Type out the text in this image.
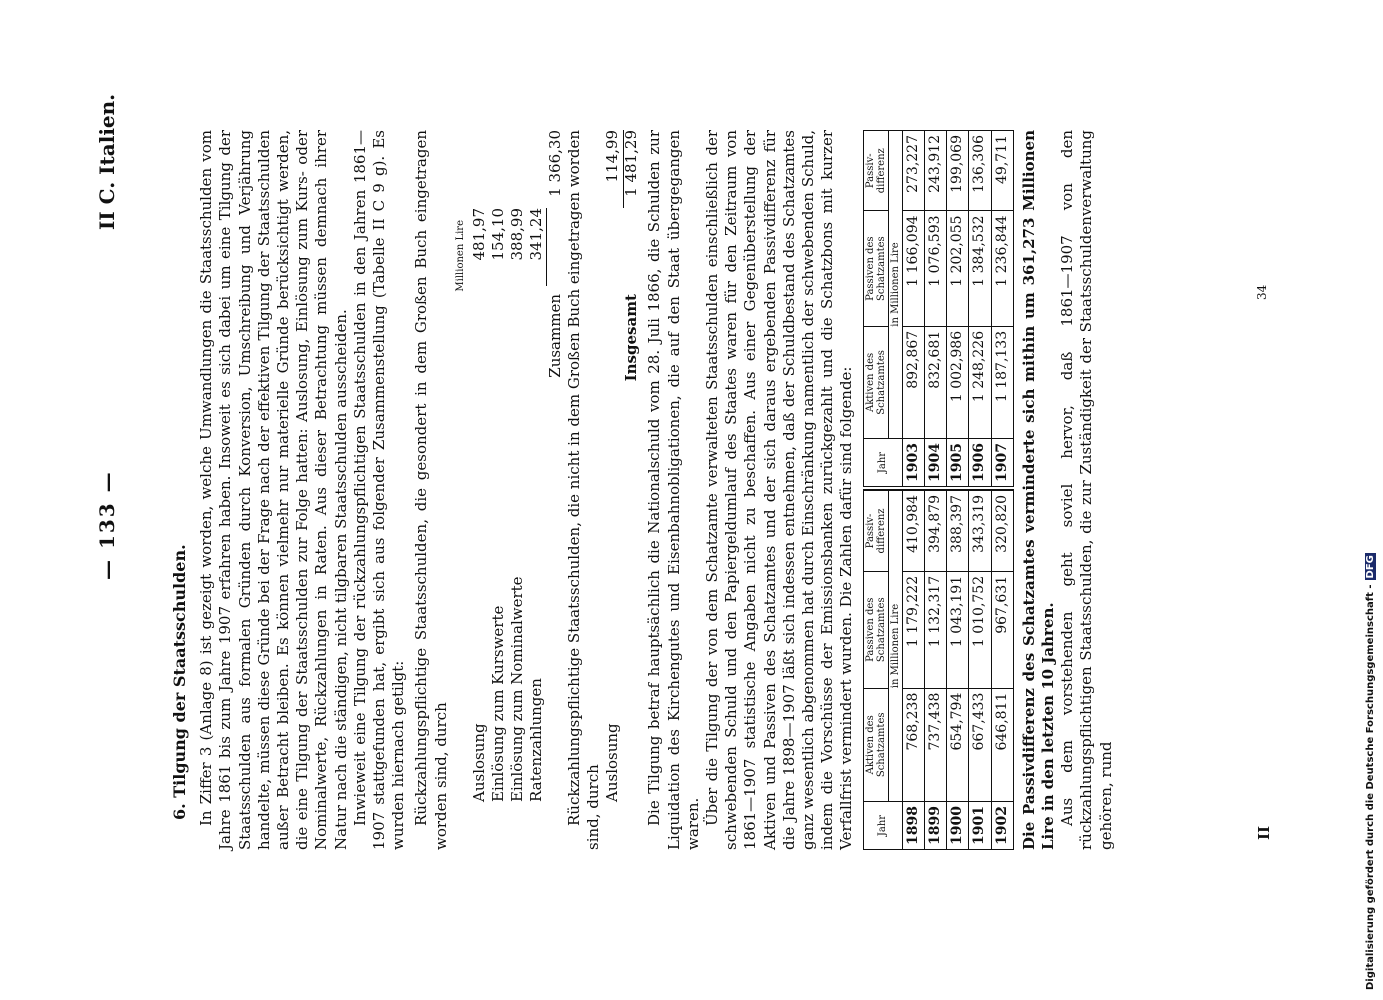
— 133 —
II C. Italien.
6. Tilgung der Staatsschulden. In Ziffer 3 (Anlage 8) ist gezeigt worden, welche Umwandlungen die Staatsschulden vom Jahre 1861 bis zum Jahre 1907 erfahren haben. Insoweit es sich dabei um eine Tilgung der Staatsschulden aus formalen Gründen durch Konversion, Umschreibung und Verjährung handelte, müssen diese Gründe bei der Frage nach der effektiven Tilgung der Staatsschulden außer Betracht bleiben. Es können vielmehr nur materielle Gründe berücksichtigt werden, die eine Tilgung der Staatsschulden zur Folge hatten: Auslosung, Einlösung zum Kurs- oder Nominalwerte, Rückzahlungen in Raten. Aus dieser Betrachtung müssen demnach ihrer Natur nach die ständigen, nicht tilgbaren Staatsschulden ausscheiden. Inwieweit eine Tilgung der rückzahlungspflichtigen Staatsschulden in den Jahren 1861—1907 stattgefunden hat, ergibt sich aus folgender Zusammenstellung (Tabelle II C 9 g). Es wurden hiernach getilgt: Rückzahlungspflichtige Staatsschulden, die gesondert in dem Großen Buch eingetragen worden sind, durch

Millionen Lire
Auslosung
481,97
Einlösung zum Kurswerte
154,10
Einlösung zum Nominalwerte
388,99
Ratenzahlungen
341,24
Zusammen
1 366,30 Rückzahlungspflichtige Staatsschulden, die nicht in dem Großen Buch eingetragen worden sind, durch

Auslosung
114,99
Insgesamt
1 481,29 Die Tilgung betraf hauptsächlich die Nationalschuld vom 28. Juli 1866, die Schulden zur Liquidation des Kirchengutes und Eisenbahnobligationen, die auf den Staat übergegangen waren. Über die Tilgung der von dem Schatzamte verwalteten Staatsschulden einschließlich der schwebenden Schuld und den Papiergeldumlauf des Staates waren für den Zeitraum von 1861—1907 statistische Angaben nicht zu beschaffen. Aus einer Gegenüberstellung der Aktiven und Passiven des Schatzamtes und der sich daraus ergebenden Passivdifferenz für die Jahre 1898—1907 läßt sich indessen entnehmen, daß der Schuldbestand des Schatzamtes ganz wesentlich abgenommen hat durch Einschränkung namentlich der schwebenden Schuld, indem die Vorschüsse der Emissionsbanken zurückgezahlt und die Schatzbons mit kurzer Verfallfrist vermindert wurden. Die Zahlen dafür sind folgende: Jahr	Aktiven des Schatzamtes	Passiven des Schatzamtes	Passiv-differenz
	in Millionen Lire		
1898	768,238	1 179,222	410,984
1899	737,438	1 132,317	394,879
1900	654,794	1 043,191	388,397
1901	667,433	1 010,752	343,319
1902	646,811	967,631	320,820
Jahr	Aktiven des Schatzamtes	Passiven des Schatzamtes	Passiv-differenz
	in Millionen Lire		
1903	892,867	1 166,094	273,227
1904	832,681	1 076,593	243,912
1905	1 002,986	1 202,055	199,069
1906	1 248,226	1 384,532	136,306
1907	1 187,133	1 236,844	49,711 Die Passivdifferenz des Schatzamtes verminderte sich mithin um 361,273 Millionen Lire in den letzten 10 Jahren. Aus dem vorstehenden geht soviel hervor, daß 1861—1907 von den rückzahlungspflichtigen Staatsschulden, die zur Zuständigkeit der Staatsschuldenverwaltung gehören, rund	II
34
Digitalisierung gefördert durch die Deutsche Forschungsgemeinschaft -DFG
